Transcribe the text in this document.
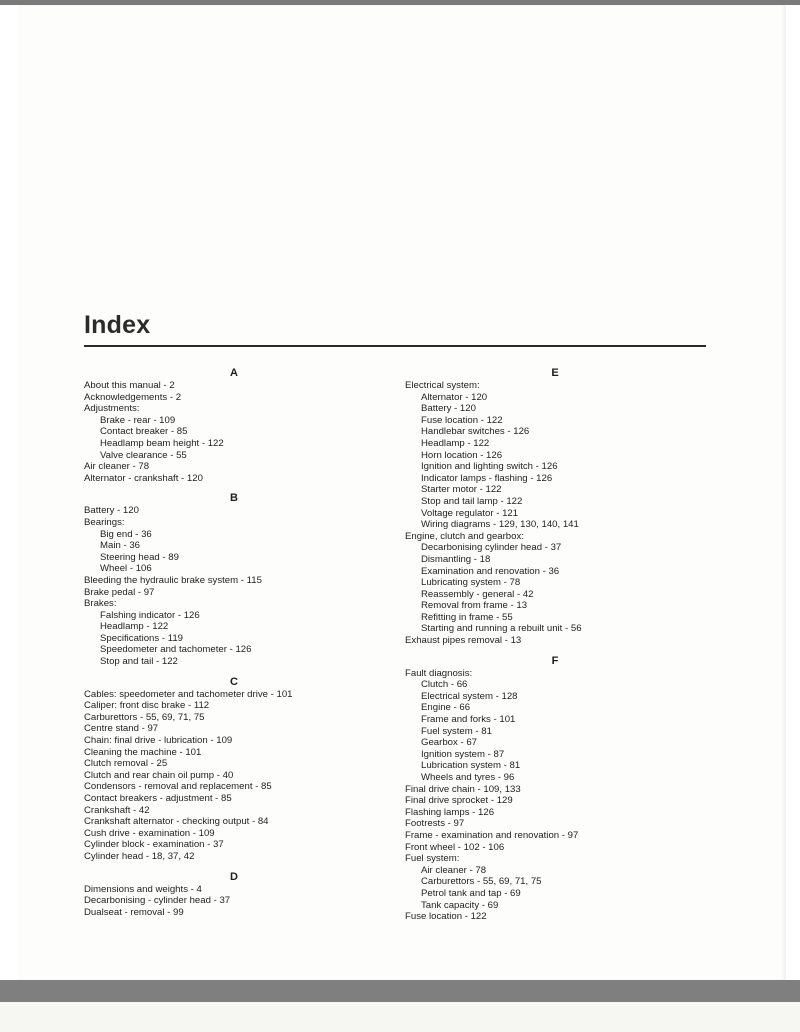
Index
A
About this manual - 2
Acknowledgements - 2
Adjustments:
Brake - rear - 109
Contact breaker - 85
Headlamp beam height - 122
Valve clearance - 55
Air cleaner - 78
Alternator - crankshaft - 120
B
Battery - 120
Bearings:
Big end - 36
Main - 36
Steering head - 89
Wheel - 106
Bleeding the hydraulic brake system - 115
Brake pedal - 97
Brakes:
Falshing indicator - 126
Headlamp - 122
Specifications - 119
Speedometer and tachometer - 126
Stop and tail - 122
C
Cables: speedometer and tachometer drive - 101
Caliper: front disc brake - 112
Carburettors - 55, 69, 71, 75
Centre stand - 97
Chain: final drive - lubrication - 109
Cleaning the machine - 101
Clutch removal - 25
Clutch and rear chain oil pump - 40
Condensors - removal and replacement - 85
Contact breakers - adjustment - 85
Crankshaft - 42
Crankshaft alternator - checking output - 84
Cush drive - examination - 109
Cylinder block - examination - 37
Cylinder head - 18, 37, 42
D
Dimensions and weights - 4
Decarbonising - cylinder head - 37
Dualseat - removal - 99
E
Electrical system:
Alternator - 120
Battery - 120
Fuse location - 122
Handlebar switches - 126
Headlamp - 122
Horn location - 126
Ignition and lighting switch - 126
Indicator lamps - flashing - 126
Starter motor - 122
Stop and tail lamp - 122
Voltage regulator - 121
Wiring diagrams - 129, 130, 140, 141
Engine, clutch and gearbox:
Decarbonising cylinder head - 37
Dismantling - 18
Examination and renovation - 36
Lubricating system - 78
Reassembly - general - 42
Removal from frame - 13
Refitting in frame - 55
Starting and running a rebuilt unit - 56
Exhaust pipes removal - 13
F
Fault diagnosis:
Clutch - 66
Electrical system - 128
Engine - 66
Frame and forks - 101
Fuel system - 81
Gearbox - 67
Ignition system - 87
Lubrication system - 81
Wheels and tyres - 96
Final drive chain - 109, 133
Final drive sprocket - 129
Flashing lamps - 126
Footrests - 97
Frame - examination and renovation - 97
Front wheel - 102 - 106
Fuel system:
Air cleaner - 78
Carburettors - 55, 69, 71, 75
Petrol tank and tap - 69
Tank capacity - 69
Fuse location - 122
